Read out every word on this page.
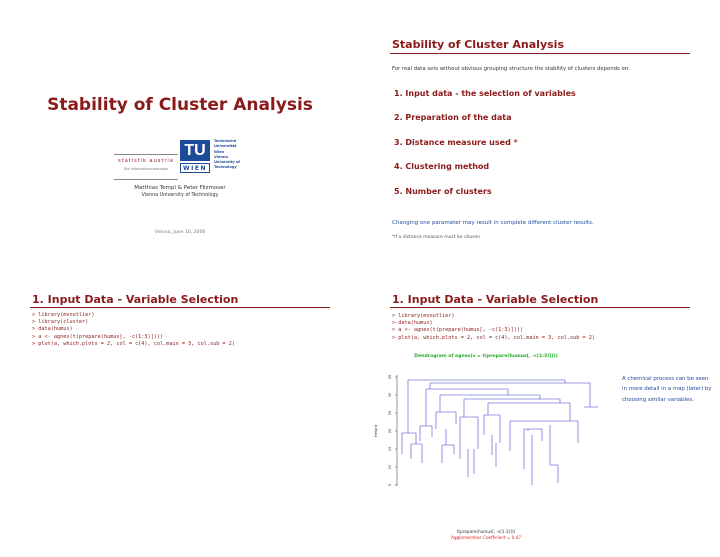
Stability of Cluster Analysis
statistik austria
Die Informationsmanager
TU
WIEN
Technische
Universität
Wien
Vienna
University of
Technology
Matthias Templ & Peter Filzmoser
Vienna University of Technology
Vienna, June 16, 2006
Stability of Cluster Analysis
For real data sets without obvious grouping structure the stability of clusters depends on:
1. Input data - the selection of variables
2. Preparation of the data
3. Distance measure used *
4. Clustering method
5. Number of clusters
Changing one parameter may result in complete different cluster results.
*if a distance measure must be chosen
1. Input Data - Variable Selection
> library(mvoutlier)
> library(cluster)
> data(humus)
> a <- agnes(t(prepare(humus[, -c(1:3)])))
> plot(a, which.plots = 2, col = c(4), col.main = 3, col.sub = 2)
1. Input Data - Variable Selection
> library(mvoutlier)
> data(humus)
> a <- agnes(t(prepare(humus[, -c(1:3)])))
> plot(a, which.plots = 2, col = c(4), col.main = 3, col.sub = 2)
Dendrogram of agnes(x = t(prepare(humus[, -c(1:3)])))
5
10
15
20
25
30
35
Height
t(prepare(humus[, -c(1:3)]))
Agglomerative Coefficient = 0.47
A chemical process can be seen in more detail in a map (later) by choosing similar variables.
